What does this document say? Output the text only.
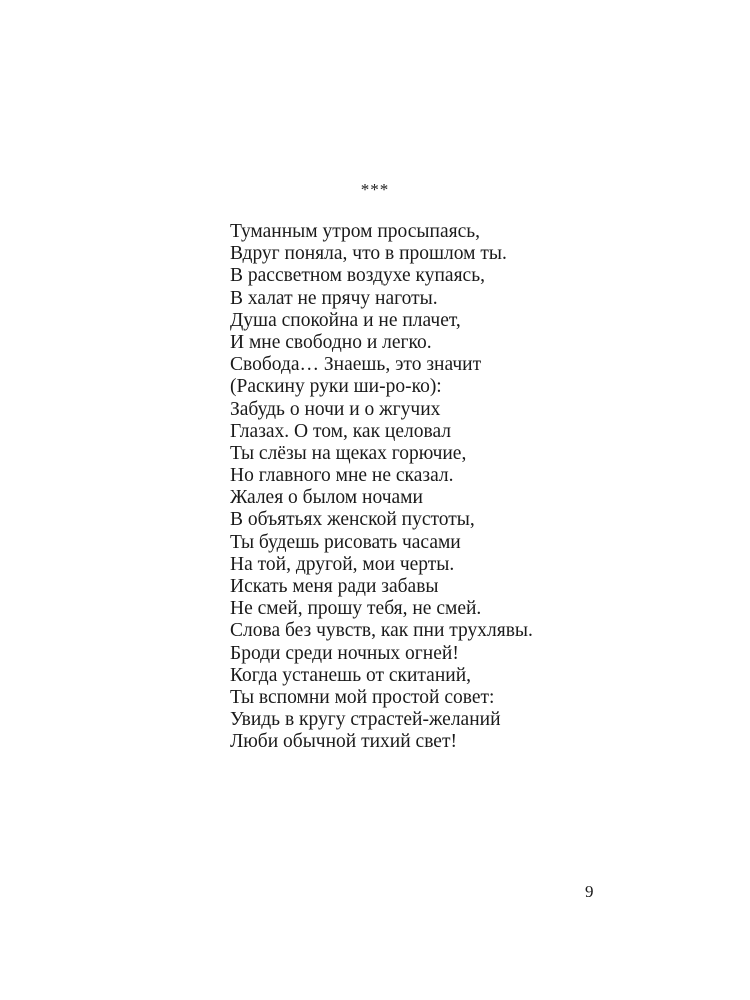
***
Туманным утром просыпаясь,
Вдруг поняла, что в прошлом ты.
В рассветном воздухе купаясь,
В халат не прячу наготы.
Душа спокойна и не плачет,
И мне свободно и легко.
Свобода… Знаешь, это значит
(Раскину руки ши-ро-ко):
Забудь о ночи и о жгучих
Глазах. О том, как целовал
Ты слёзы на щеках горючие,
Но главного мне не сказал.
Жалея о былом ночами
В объятьях женской пустоты,
Ты будешь рисовать часами
На той, другой, мои черты.
Искать меня ради забавы
Не смей, прошу тебя, не смей.
Слова без чувств, как пни трухлявы.
Броди среди ночных огней!
Когда устанешь от скитаний,
Ты вспомни мой простой совет:
Увидь в кругу страстей-желаний
Люби обычной тихий свет!
9
